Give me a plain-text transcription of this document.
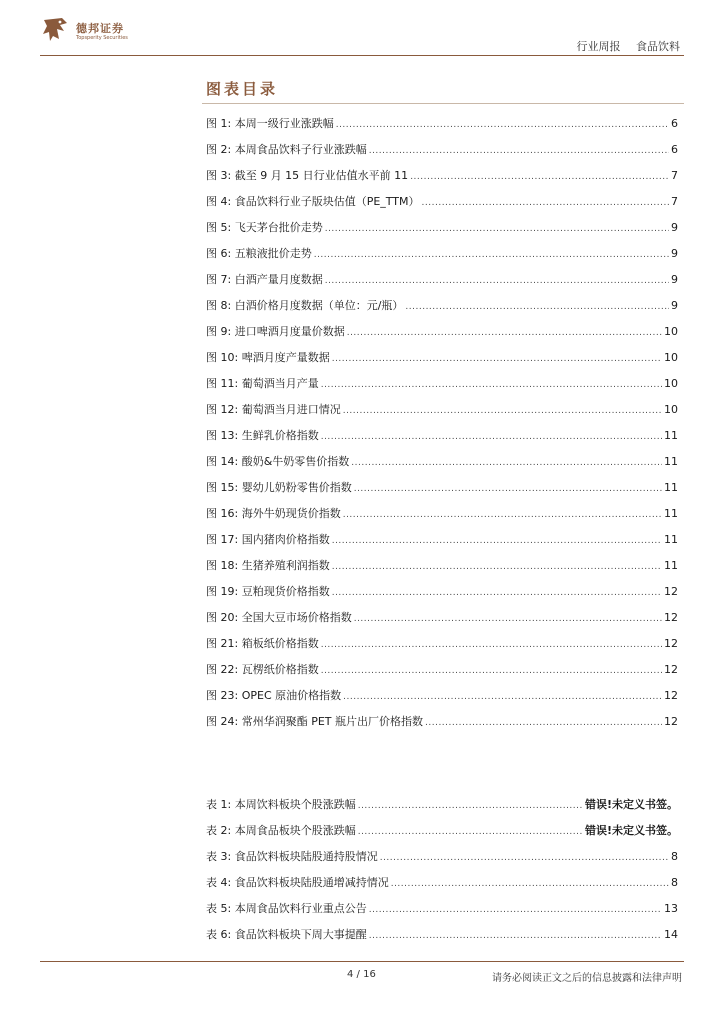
德邦证券
Topsperity Securities
行业周报 食品饮料
图表目录
图 1: 本周一级行业涨跌幅 .....	6
图 2: 本周食品饮料子行业涨跌幅 .....	6
图 3: 截至 9 月 15 日行业估值水平前 11 .....	7
图 4: 食品饮料行业子版块估值（PE_TTM） .....	7
图 5: 飞天茅台批价走势 .....	9
图 6: 五粮液批价走势 .....	9
图 7: 白酒产量月度数据 .....	9
图 8: 白酒价格月度数据（单位：元/瓶） .....	9
图 9: 进口啤酒月度量价数据 .....	10
图 10: 啤酒月度产量数据 .....	10
图 11: 葡萄酒当月产量 .....	10
图 12: 葡萄酒当月进口情况 .....	10
图 13: 生鲜乳价格指数 .....	11
图 14: 酸奶&牛奶零售价指数 .....	11
图 15: 婴幼儿奶粉零售价指数 .....	11
图 16: 海外牛奶现货价指数 .....	11
图 17: 国内猪肉价格指数 .....	11
图 18: 生猪养殖利润指数 .....	11
图 19: 豆粕现货价格指数 .....	12
图 20: 全国大豆市场价格指数 .....	12
图 21: 箱板纸价格指数 .....	12
图 22: 瓦楞纸价格指数 .....	12
图 23: OPEC 原油价格指数 .....	12
图 24: 常州华润聚酯 PET 瓶片出厂价格指数 .....	12
表 1: 本周饮料板块个股涨跌幅 .....	错误!未定义书签。
表 2: 本周食品板块个股涨跌幅 .....	错误!未定义书签。
表 3: 食品饮料板块陆股通持股情况 .....	8
表 4: 食品饮料板块陆股通增减持情况 .....	8
表 5: 本周食品饮料行业重点公告 .....	13
表 6: 食品饮料板块下周大事提醒 .....	14
4 / 16	请务必阅读正文之后的信息披露和法律声明
